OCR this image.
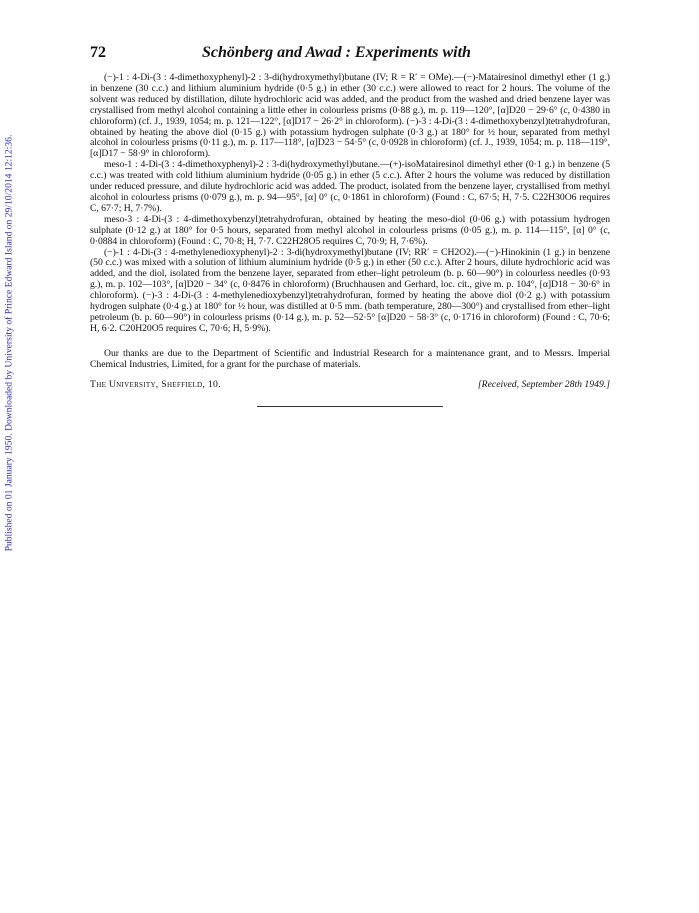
Published on 01 January 1950. Downloaded by University of Prince Edward Island on 29/10/2014 12:12:36.
72	Schönberg and Awad : Experiments with

(−)-1 : 4-Di-(3 : 4-dimethoxyphenyl)-2 : 3-di(hydroxymethyl)butane (IV; R = R′ = OMe).—(−)-Matairesinol dimethyl ether (1 g.) in benzene (30 c.c.) and lithium aluminium hydride (0·5 g.) in ether (30 c.c.) were allowed to react for 2 hours. The volume of the solvent was reduced by distillation, dilute hydrochloric acid was added, and the product from the washed and dried benzene layer was crystallised from methyl alcohol containing a little ether in colourless prisms (0·88 g.), m. p. 119—120°, [α]D20 − 29·6° (c, 0·4380 in chloroform) (cf. J., 1939, 1054; m. p. 121—122°, [α]D17 − 26·2° in chloroform). (−)-3 : 4-Di-(3 : 4-dimethoxybenzyl)tetrahydrofuran, obtained by heating the above diol (0·15 g.) with potassium hydrogen sulphate (0·3 g.) at 180° for ½ hour, separated from methyl alcohol in colourless prisms (0·11 g.), m. p. 117—118°, [α]D23 − 54·5° (c, 0·0928 in chloroform) (cf. J., 1939, 1054; m. p. 118—119°, [α]D17 − 58·9° in chloroform).

meso-1 : 4-Di-(3 : 4-dimethoxyphenyl)-2 : 3-di(hydroxymethyl)butane.—(+)-isoMatairesinol dimethyl ether (0·1 g.) in benzene (5 c.c.) was treated with cold lithium aluminium hydride (0·05 g.) in ether (5 c.c.). After 2 hours the volume was reduced by distillation under reduced pressure, and dilute hydrochloric acid was added. The product, isolated from the benzene layer, crystallised from methyl alcohol in colourless prisms (0·079 g.), m. p. 94—95°, [α] 0° (c, 0·1861 in chloroform) (Found : C, 67·5; H, 7·5. C22H30O6 requires C, 67·7; H, 7·7%).

meso-3 : 4-Di-(3 : 4-dimethoxybenzyl)tetrahydrofuran, obtained by heating the meso-diol (0·06 g.) with potassium hydrogen sulphate (0·12 g.) at 180° for 0·5 hours, separated from methyl alcohol in colourless prisms (0·05 g.), m. p. 114—115°, [α] 0° (c, 0·0884 in chloroform) (Found : C, 70·8; H, 7·7. C22H28O5 requires C, 70·9; H, 7·6%).

(−)-1 : 4-Di-(3 : 4-methylenedioxyphenyl)-2 : 3-di(hydroxymethyl)butane (IV; RR′ = CH2O2).—(−)-Hinokinin (1 g.) in benzene (50 c.c.) was mixed with a solution of lithium aluminium hydride (0·5 g.) in ether (50 c.c.). After 2 hours, dilute hydrochloric acid was added, and the diol, isolated from the benzene layer, separated from ether–light petroleum (b. p. 60—90°) in colourless needles (0·93 g.), m. p. 102—103°, [α]D20 − 34° (c, 0·8476 in chloroform) (Bruchhausen and Gerhard, loc. cit., give m. p. 104°, [α]D18 − 30·6° in chloroform). (−)-3 : 4-Di-(3 : 4-methylenedioxybenzyl)tetrahydrofuran, formed by heating the above diol (0·2 g.) with potassium hydrogen sulphate (0·4 g.) at 180° for ½ hour, was distilled at 0·5 mm. (bath temperature, 280—300°) and crystallised from ether–light petroleum (b. p. 60—90°) in colourless prisms (0·14 g.), m. p. 52—52·5° [α]D20 − 58·3° (c, 0·1716 in chloroform) (Found : C, 70·6; H, 6·2. C20H20O5 requires C, 70·6; H, 5·9%).

Our thanks are due to the Department of Scientific and Industrial Research for a maintenance grant, and to Messrs. Imperial Chemical Industries, Limited, for a grant for the purchase of materials.

The University, Sheffield, 10.	[Received, September 28th 1949.]
